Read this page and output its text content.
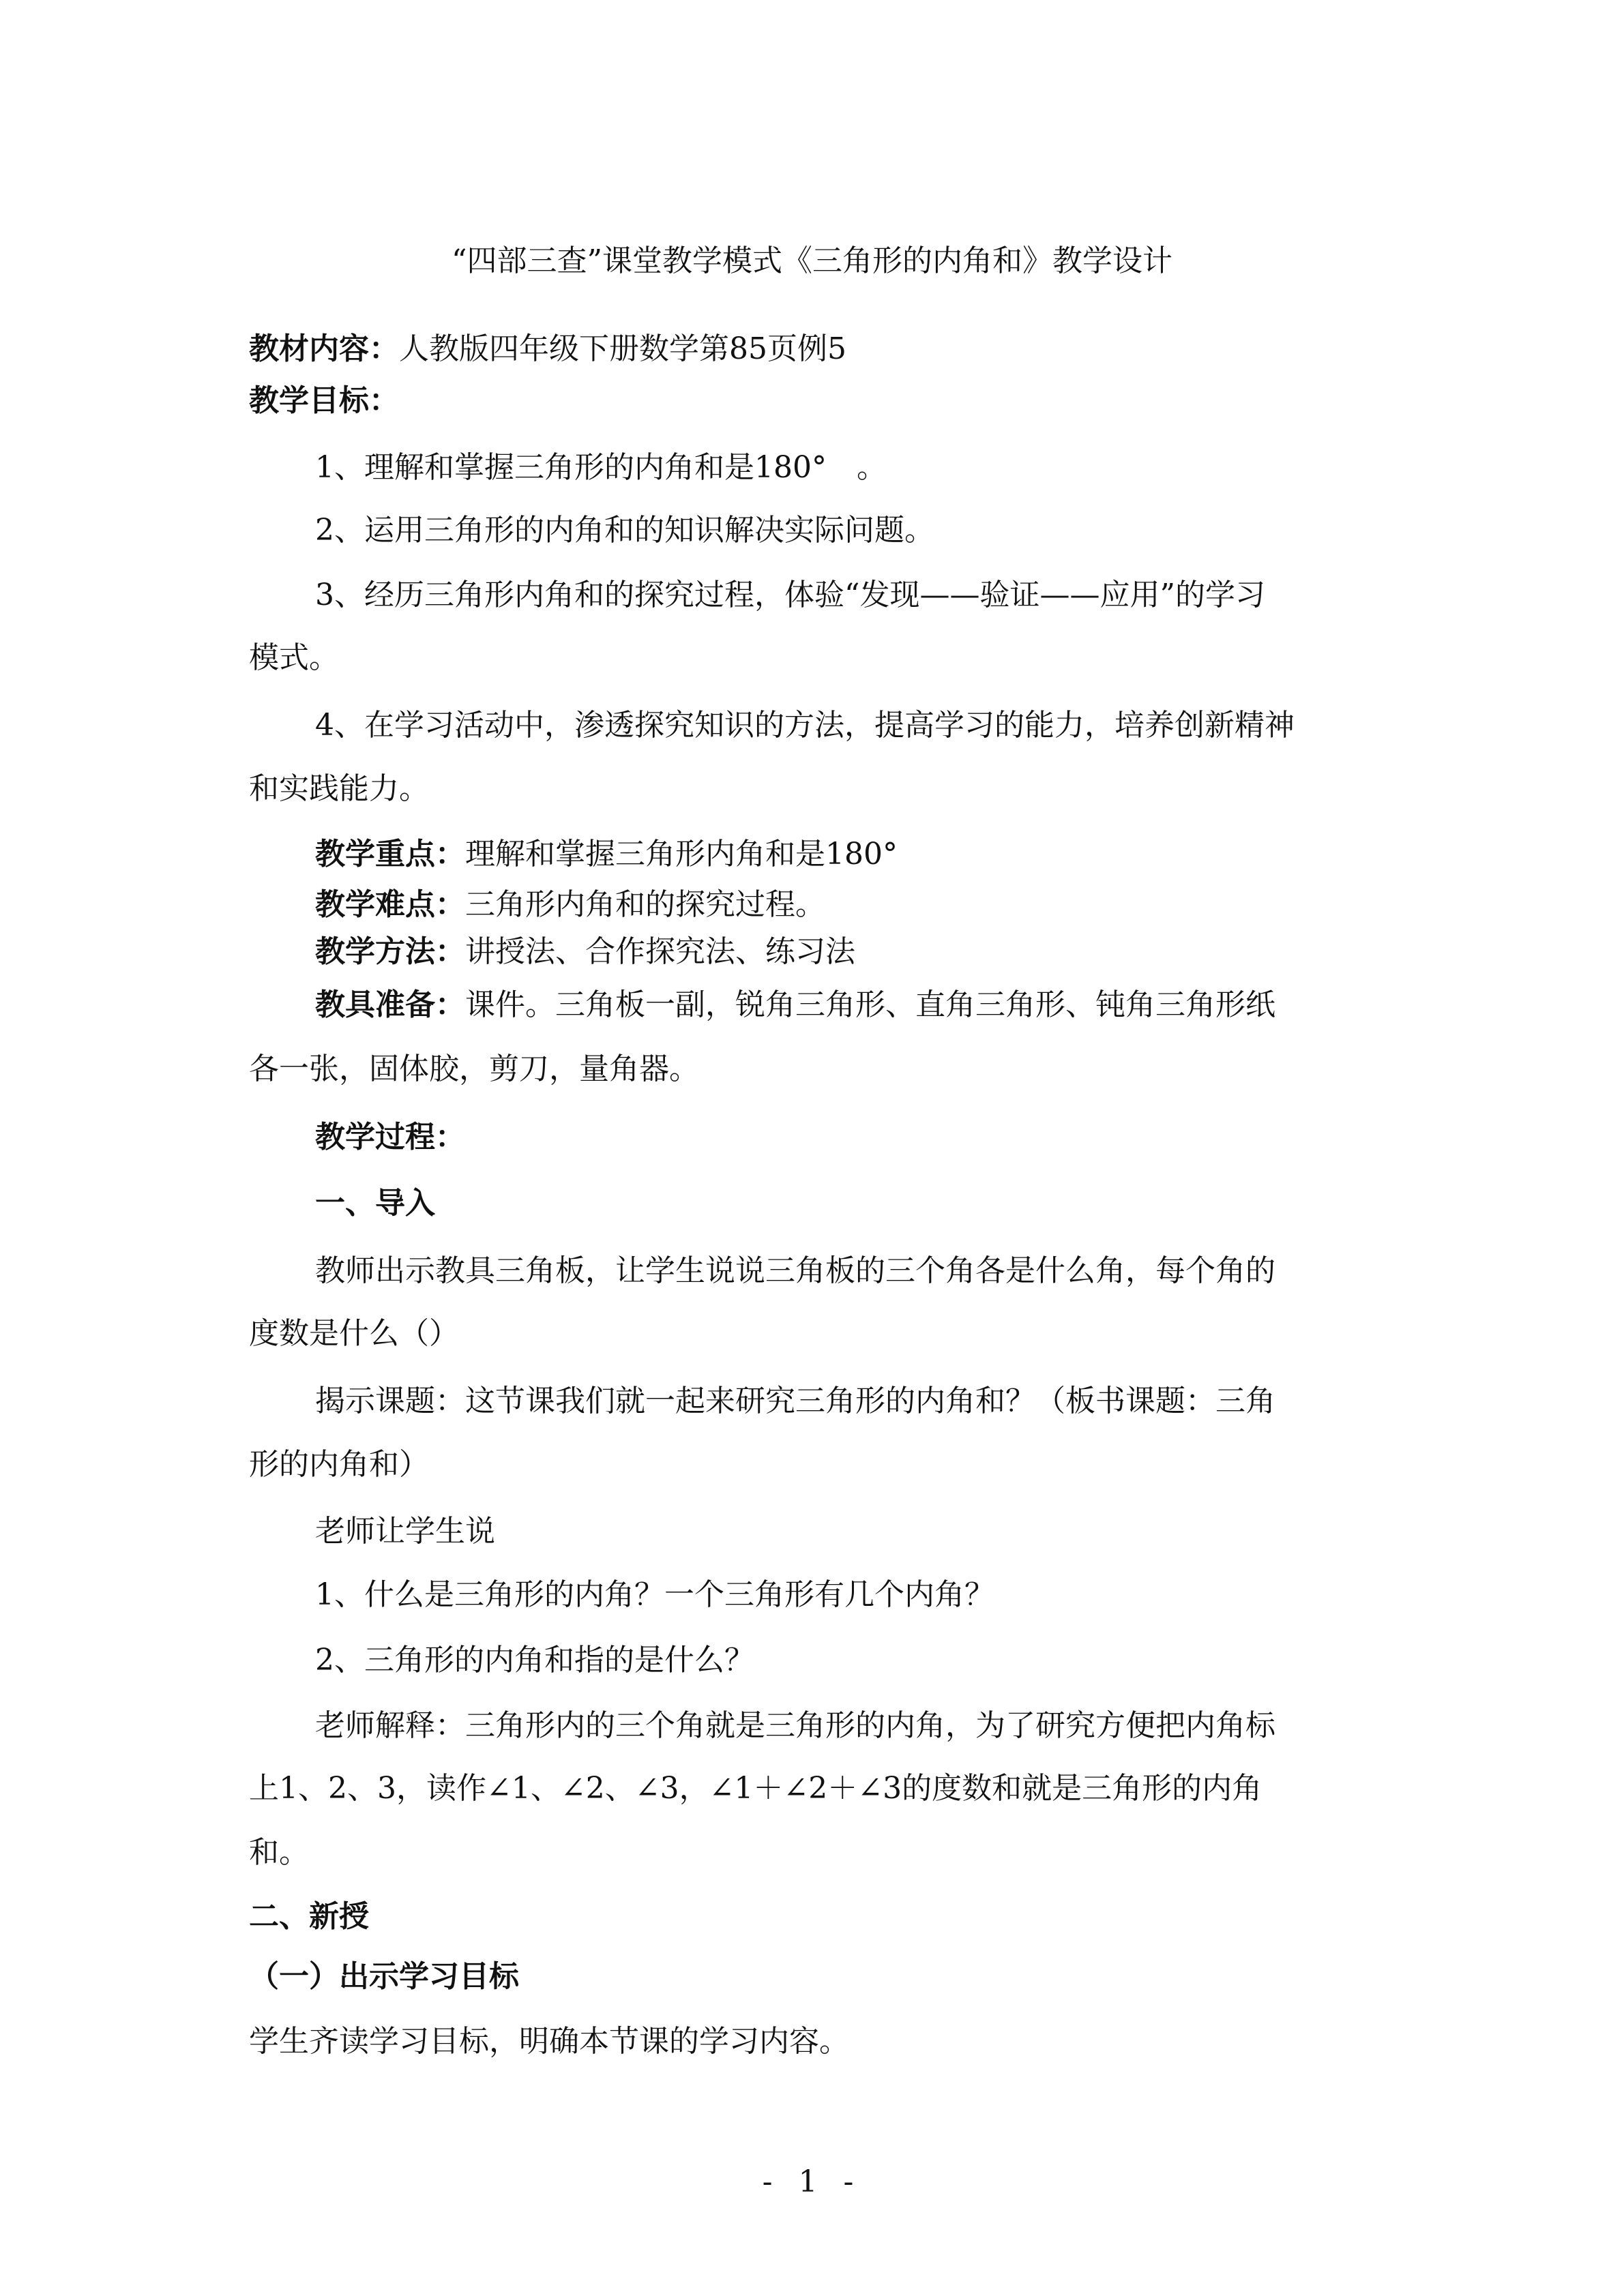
“四部三查”课堂教学模式《三角形的内角和》教学设计

教材内容：人教版四年级下册数学第85页例5

教学目标：

1、理解和掌握三角形的内角和是180°　。

2、运用三角形的内角和的知识解决实际问题。

3、经历三角形内角和的探究过程，体验“发现——验证——应用”的学习

模式。

4、在学习活动中，渗透探究知识的方法，提高学习的能力，培养创新精神

和实践能力。

教学重点：理解和掌握三角形内角和是180°

教学难点：三角形内角和的探究过程。

教学方法：讲授法、合作探究法、练习法

教具准备：课件。三角板一副，锐角三角形、直角三角形、钝角三角形纸

各一张，固体胶，剪刀，量角器。

教学过程：

一、导入

教师出示教具三角板，让学生说说三角板的三个角各是什么角，每个角的

度数是什么（）

揭示课题：这节课我们就一起来研究三角形的内角和？（板书课题：三角

形的内角和）

老师让学生说

1、什么是三角形的内角？一个三角形有几个内角？

2、三角形的内角和指的是什么？

老师解释：三角形内的三个角就是三角形的内角，为了研究方便把内角标

上1、2、3，读作∠1、∠2、∠3，∠1＋∠2＋∠3的度数和就是三角形的内角

和。

二、新授

（一）出示学习目标

学生齐读学习目标，明确本节课的学习内容。

- 1 -
